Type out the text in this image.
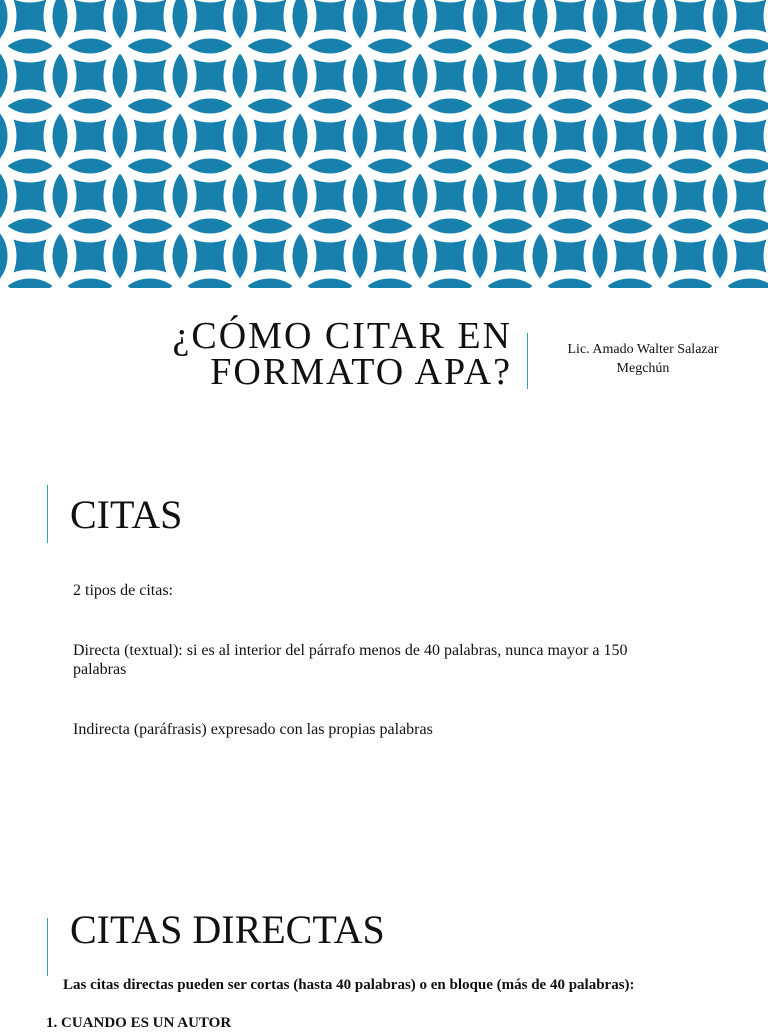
¿CÓMO CITAR EN
FORMATO APA?

Lic. Amado Walter Salazar
Megchún

CITAS

2 tipos de citas:

Directa (textual): si es al interior del párrafo menos de 40 palabras, nunca mayor a 150 palabras

Indirecta (paráfrasis) expresado con las propias palabras

CITAS DIRECTAS

Las citas directas pueden ser cortas (hasta 40 palabras) o en bloque (más de 40 palabras):

1. CUANDO ES UN AUTOR
